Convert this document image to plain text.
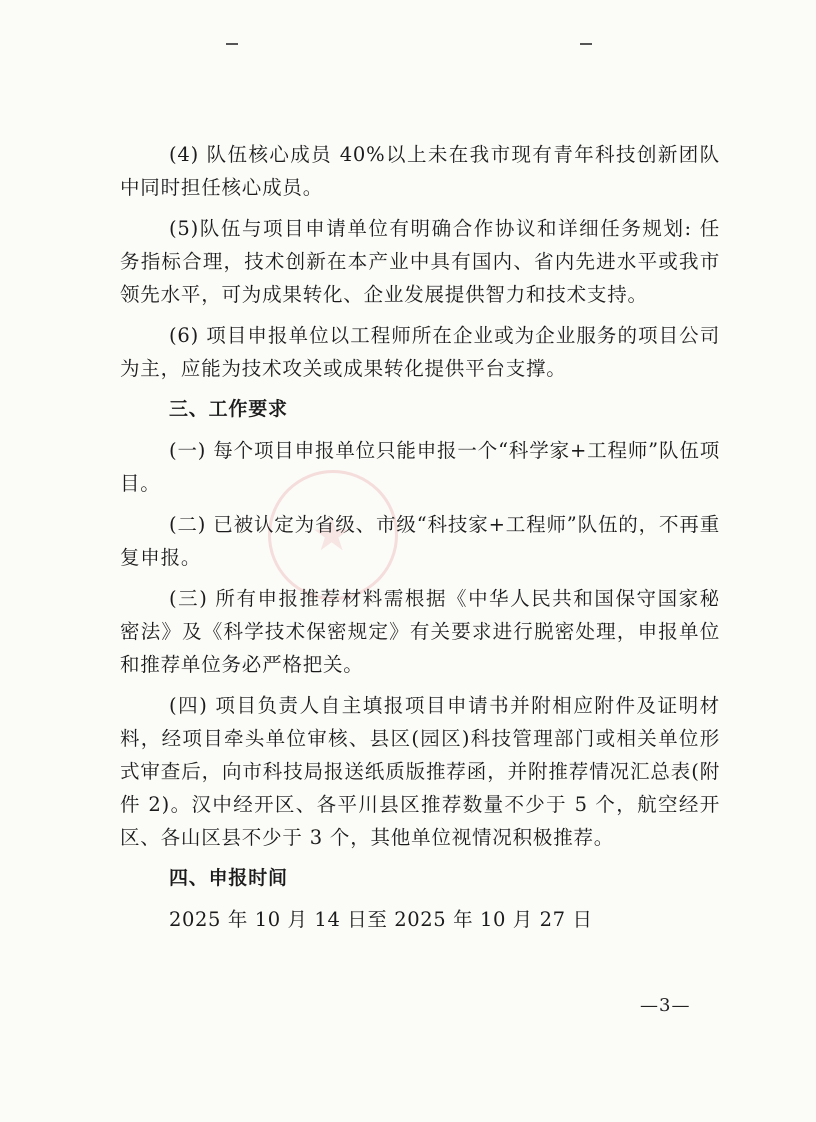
★

(4) 队伍核心成员 40%以上未在我市现有青年科技创新团队中同时担任核心成员。

(5)队伍与项目申请单位有明确合作协议和详细任务规划: 任务指标合理，技术创新在本产业中具有国内、省内先进水平或我市领先水平，可为成果转化、企业发展提供智力和技术支持。

(6) 项目申报单位以工程师所在企业或为企业服务的项目公司为主，应能为技术攻关或成果转化提供平台支撑。

三、工作要求

(一) 每个项目申报单位只能申报一个“科学家+工程师”队伍项目。

(二) 已被认定为省级、市级“科技家+工程师”队伍的，不再重复申报。

(三) 所有申报推荐材料需根据《中华人民共和国保守国家秘密法》及《科学技术保密规定》有关要求进行脱密处理，申报单位和推荐单位务必严格把关。

(四) 项目负责人自主填报项目申请书并附相应附件及证明材料，经项目牵头单位审核、县区(园区)科技管理部门或相关单位形式审查后，向市科技局报送纸质版推荐函，并附推荐情况汇总表(附件 2)。汉中经开区、各平川县区推荐数量不少于 5 个，航空经开区、各山区县不少于 3 个，其他单位视情况积极推荐。

四、申报时间
2025 年 10 月 14 日至 2025 年 10 月 27 日
—3—
